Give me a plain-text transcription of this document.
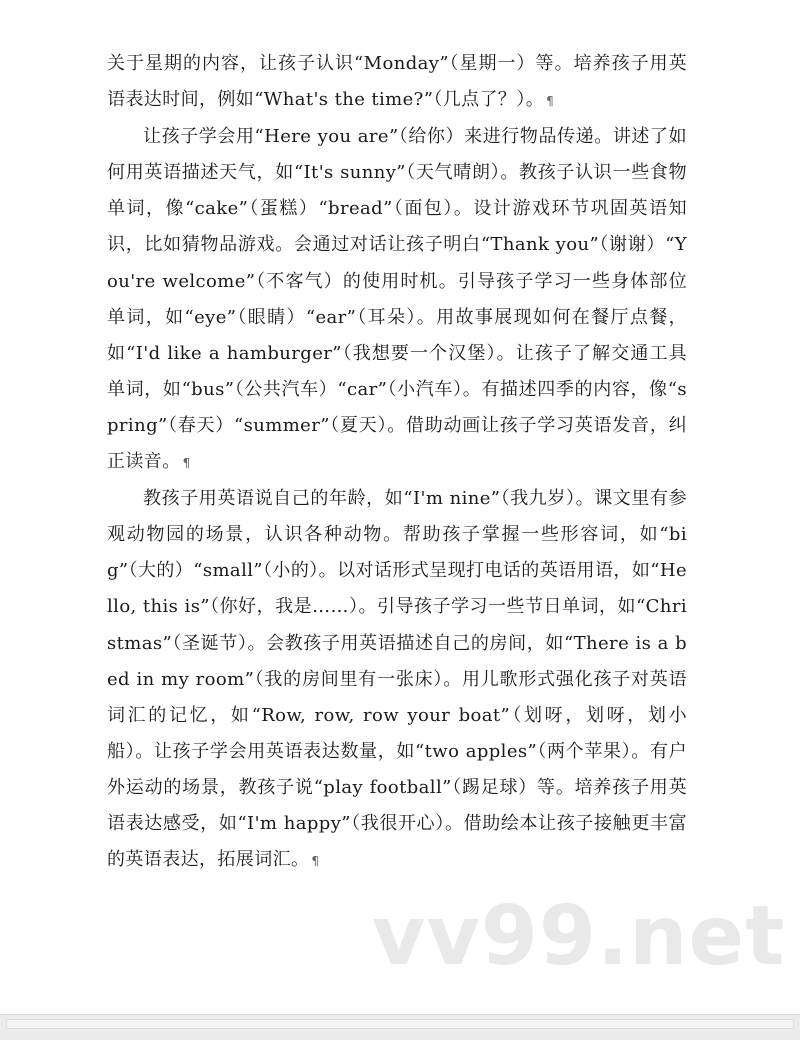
关于星期的内容，让孩子认识“Monday”（星期一）等。培养孩子用英语表达时间，例如“What's the time?”（几点了？）。 ¶

让孩子学会用“Here you are”（给你）来进行物品传递。讲述了如何用英语描述天气，如“It's sunny”（天气晴朗）。教孩子认识一些食物单词，像“cake”（蛋糕）“bread”（面包）。设计游戏环节巩固英语知识，比如猜物品游戏。会通过对话让孩子明白“Thank you”（谢谢）“You're welcome”（不客气）的使用时机。引导孩子学习一些身体部位单词，如“eye”（眼睛）“ear”（耳朵）。用故事展现如何在餐厅点餐，如“I'd like a hamburger”（我想要一个汉堡）。让孩子了解交通工具单词，如“bus”（公共汽车）“car”（小汽车）。有描述四季的内容，像“spring”（春天）“summer”（夏天）。借助动画让孩子学习英语发音，纠正读音。 ¶

教孩子用英语说自己的年龄，如“I'm nine”（我九岁）。课文里有参观动物园的场景，认识各种动物。帮助孩子掌握一些形容词，如“big”（大的）“small”（小的）。以对话形式呈现打电话的英语用语，如“Hello, this is”（你好，我是……）。引导孩子学习一些节日单词，如“Christmas”（圣诞节）。会教孩子用英语描述自己的房间，如“There is a bed in my room”（我的房间里有一张床）。用儿歌形式强化孩子对英语词汇的记忆，如“Row, row, row your boat”（划呀，划呀，划小船）。让孩子学会用英语表达数量，如“two apples”（两个苹果）。有户外运动的场景，教孩子说“play football”（踢足球）等。培养孩子用英语表达感受，如“I'm happy”（我很开心）。借助绘本让孩子接触更丰富的英语表达，拓展词汇。 ¶

vv99.net
